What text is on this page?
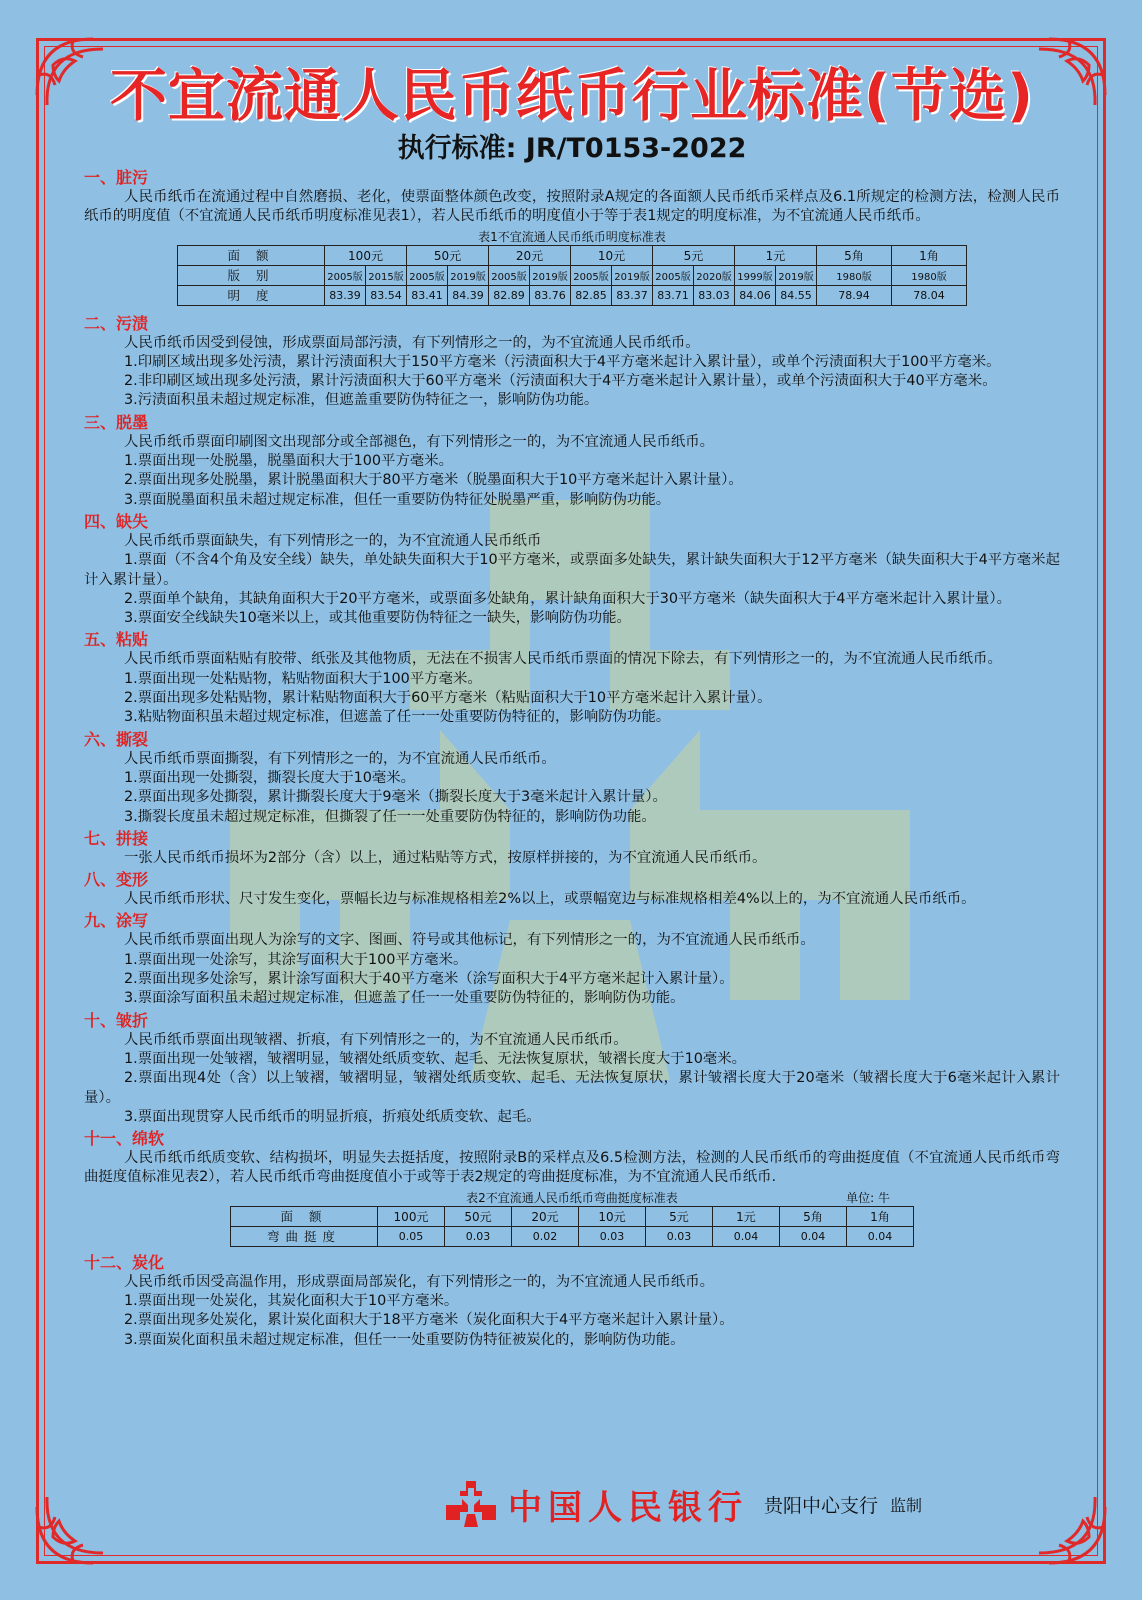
不宜流通人民币纸币行业标准(节选)
执行标准: JR/T0153-2022
一、脏污

人民币纸币在流通过程中自然磨损、老化，使票面整体颜色改变，按照附录A规定的各面额人民币纸币采样点及6.1所规定的检测方法，检测人民币纸币的明度值（不宜流通人民币纸币明度标准见表1），若人民币纸币的明度值小于等于表1规定的明度标准，为不宜流通人民币纸币。

表1不宜流通人民币纸币明度标准表
面 额	100元		50元		20元		10元		5元		1元		5角	1角
版 别	2005版	2015版	2005版	2019版	2005版	2019版	2005版	2019版	2005版	2020版	1999版	2019版	1980版	1980版
明 度	83.39	83.54	83.41	84.39	82.89	83.76	82.85	83.37	83.71	83.03	84.06	84.55	78.94	78.04
二、污渍

人民币纸币因受到侵蚀，形成票面局部污渍，有下列情形之一的，为不宜流通人民币纸币。

1.印刷区域出现多处污渍，累计污渍面积大于150平方毫米（污渍面积大于4平方毫米起计入累计量），或单个污渍面积大于100平方毫米。

2.非印刷区域出现多处污渍，累计污渍面积大于60平方毫米（污渍面积大于4平方毫米起计入累计量），或单个污渍面积大于40平方毫米。

3.污渍面积虽未超过规定标准，但遮盖重要防伪特征之一，影响防伪功能。

三、脱墨

人民币纸币票面印刷图文出现部分或全部褪色，有下列情形之一的，为不宜流通人民币纸币。

1.票面出现一处脱墨，脱墨面积大于100平方毫米。

2.票面出现多处脱墨，累计脱墨面积大于80平方毫米（脱墨面积大于10平方毫米起计入累计量）。

3.票面脱墨面积虽未超过规定标准，但任一重要防伪特征处脱墨严重，影响防伪功能。

四、缺失

人民币纸币票面缺失，有下列情形之一的，为不宜流通人民币纸币

1.票面（不含4个角及安全线）缺失，单处缺失面积大于10平方毫米，或票面多处缺失，累计缺失面积大于12平方毫米（缺失面积大于4平方毫米起计入累计量）。

2.票面单个缺角，其缺角面积大于20平方毫米，或票面多处缺角，累计缺角面积大于30平方毫米（缺失面积大于4平方毫米起计入累计量）。

3.票面安全线缺失10毫米以上，或其他重要防伪特征之一缺失，影响防伪功能。

五、粘贴

人民币纸币票面粘贴有胶带、纸张及其他物质，无法在不损害人民币纸币票面的情况下除去，有下列情形之一的，为不宜流通人民币纸币。

1.票面出现一处粘贴物，粘贴物面积大于100平方毫米。

2.票面出现多处粘贴物，累计粘贴物面积大于60平方毫米（粘贴面积大于10平方毫米起计入累计量）。

3.粘贴物面积虽未超过规定标准，但遮盖了任一一处重要防伪特征的，影响防伪功能。

六、撕裂

人民币纸币票面撕裂，有下列情形之一的，为不宜流通人民币纸币。

1.票面出现一处撕裂，撕裂长度大于10毫米。

2.票面出现多处撕裂，累计撕裂长度大于9毫米（撕裂长度大于3毫米起计入累计量）。

3.撕裂长度虽未超过规定标准，但撕裂了任一一处重要防伪特征的，影响防伪功能。

七、拼接

一张人民币纸币损坏为2部分（含）以上，通过粘贴等方式，按原样拼接的，为不宜流通人民币纸币。

八、变形

人民币纸币形状、尺寸发生变化，票幅长边与标准规格相差2%以上，或票幅宽边与标准规格相差4%以上的，为不宜流通人民币纸币。

九、涂写

人民币纸币票面出现人为涂写的文字、图画、符号或其他标记，有下列情形之一的，为不宜流通人民币纸币。

1.票面出现一处涂写，其涂写面积大于100平方毫米。

2.票面出现多处涂写，累计涂写面积大于40平方毫米（涂写面积大于4平方毫米起计入累计量）。

3.票面涂写面积虽未超过规定标准，但遮盖了任一一处重要防伪特征的，影响防伪功能。

十、皱折

人民币纸币票面出现皱褶、折痕，有下列情形之一的，为不宜流通人民币纸币。

1.票面出现一处皱褶，皱褶明显，皱褶处纸质变软、起毛、无法恢复原状，皱褶长度大于10毫米。

2.票面出现4处（含）以上皱褶，皱褶明显，皱褶处纸质变软、起毛、无法恢复原状，累计皱褶长度大于20毫米（皱褶长度大于6毫米起计入累计量）。

3.票面出现贯穿人民币纸币的明显折痕，折痕处纸质变软、起毛。

十一、绵软

人民币纸币纸质变软、结构损坏，明显失去挺括度，按照附录B的采样点及6.5检测方法，检测的人民币纸币的弯曲挺度值（不宜流通人民币纸币弯曲挺度值标准见表2），若人民币纸币弯曲挺度值小于或等于表2规定的弯曲挺度标准，为不宜流通人民币纸币.

表2不宜流通人民币纸币弯曲挺度标准表	单位: 牛
面 额	100元	50元	20元	10元	5元	1元	5角	1角
弯曲挺度	0.05	0.03	0.02	0.03	0.03	0.04	0.04	0.04
十二、炭化

人民币纸币因受高温作用，形成票面局部炭化，有下列情形之一的，为不宜流通人民币纸币。

1.票面出现一处炭化，其炭化面积大于10平方毫米。

2.票面出现多处炭化，累计炭化面积大于18平方毫米（炭化面积大于4平方毫米起计入累计量）。

3.票面炭化面积虽未超过规定标准，但任一一处重要防伪特征被炭化的，影响防伪功能。

中国人民银行 贵阳中心支行 监制
